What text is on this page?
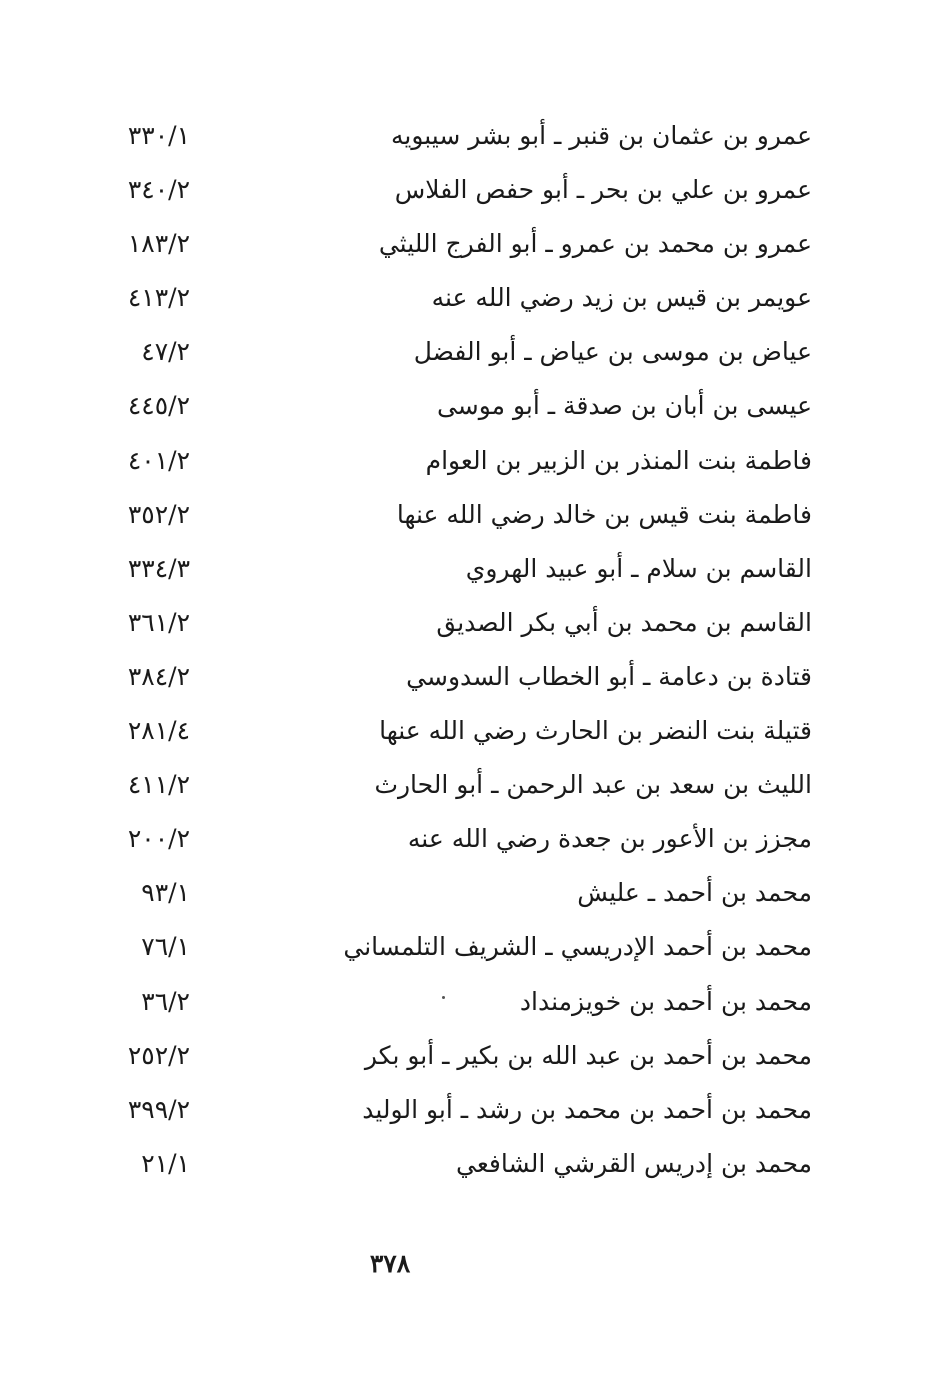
عمرو بن عثمان بن قنبر ـ أبو بشر سيبويه
٣٣٠/١
عمرو بن علي بن بحر ـ أبو حفص الفلاس
٣٤٠/٢
عمرو بن محمد بن عمرو ـ أبو الفرج الليثي
١٨٣/٢
عويمر بن قيس بن زيد رضي الله عنه
٤١٣/٢
عياض بن موسى بن عياض ـ أبو الفضل
٤٧/٢
عيسى بن أبان بن صدقة ـ أبو موسى
٤٤٥/٢
فاطمة بنت المنذر بن الزبير بن العوام
٤٠١/٢
فاطمة بنت قيس بن خالد رضي الله عنها
٣٥٢/٢
القاسم بن سلام ـ أبو عبيد الهروي
٣٣٤/٣
القاسم بن محمد بن أبي بكر الصديق
٣٦١/٢
قتادة بن دعامة ـ أبو الخطاب السدوسي
٣٨٤/٢
قتيلة بنت النضر بن الحارث رضي الله عنها
٢٨١/٤
الليث بن سعد بن عبد الرحمن ـ أبو الحارث
٤١١/٢
مجزز بن الأعور بن جعدة رضي الله عنه
٢٠٠/٢
محمد بن أحمد ـ عليش
٩٣/١
محمد بن أحمد الإدريسي ـ الشريف التلمساني
٧٦/١
محمد بن أحمد بن خويزمنداد
٣٦/٢
محمد بن أحمد بن عبد الله بن بكير ـ أبو بكر
٢٥٢/٢
محمد بن أحمد بن محمد بن رشد ـ أبو الوليد
٣٩٩/٢
محمد بن إدريس القرشي الشافعي
٢١/١
٣٧٨
